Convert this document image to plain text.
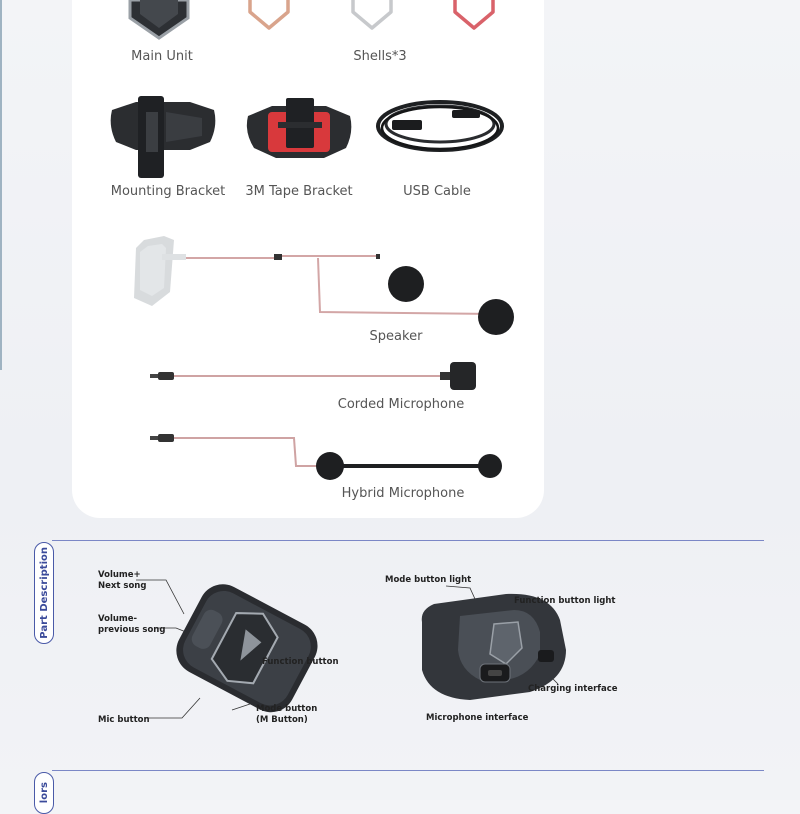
Main Unit	Shells*3
Mounting Bracket 3M Tape Bracket	USB Cable
Speaker
Corded Microphone
Hybrid Microphone
Part Description	Volume+
Next song
Volume-
previous song
Function button
Mode button
(M Button)
Mic button
Mode button light
Function button light
Charging interface
Microphone interface
lors
